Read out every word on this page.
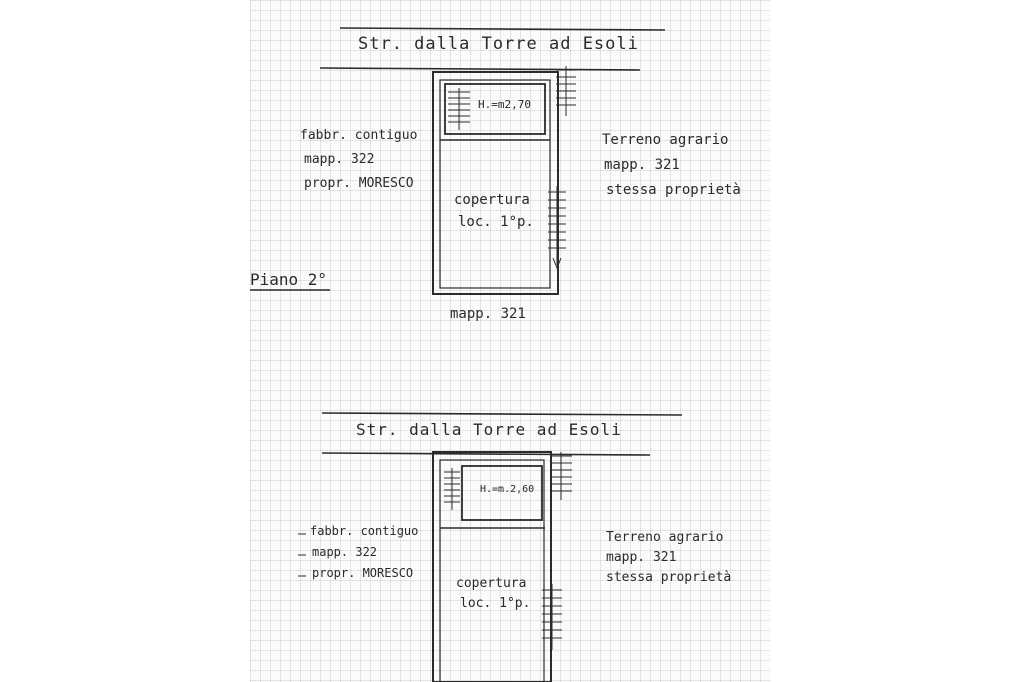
Str. dalla Torre ad Esoli
H.=m2,70
fabbr. contiguo
mapp. 322
propr. MORESCO
Terreno agrario
mapp. 321
stessa proprietà
copertura
loc. 1°p.
Piano 2°
mapp. 321
Str. dalla Torre ad Esoli
H.=m.2,60
fabbr. contiguo
mapp. 322
propr. MORESCO
Terreno agrario
mapp. 321
stessa proprietà
copertura
loc. 1°p.
